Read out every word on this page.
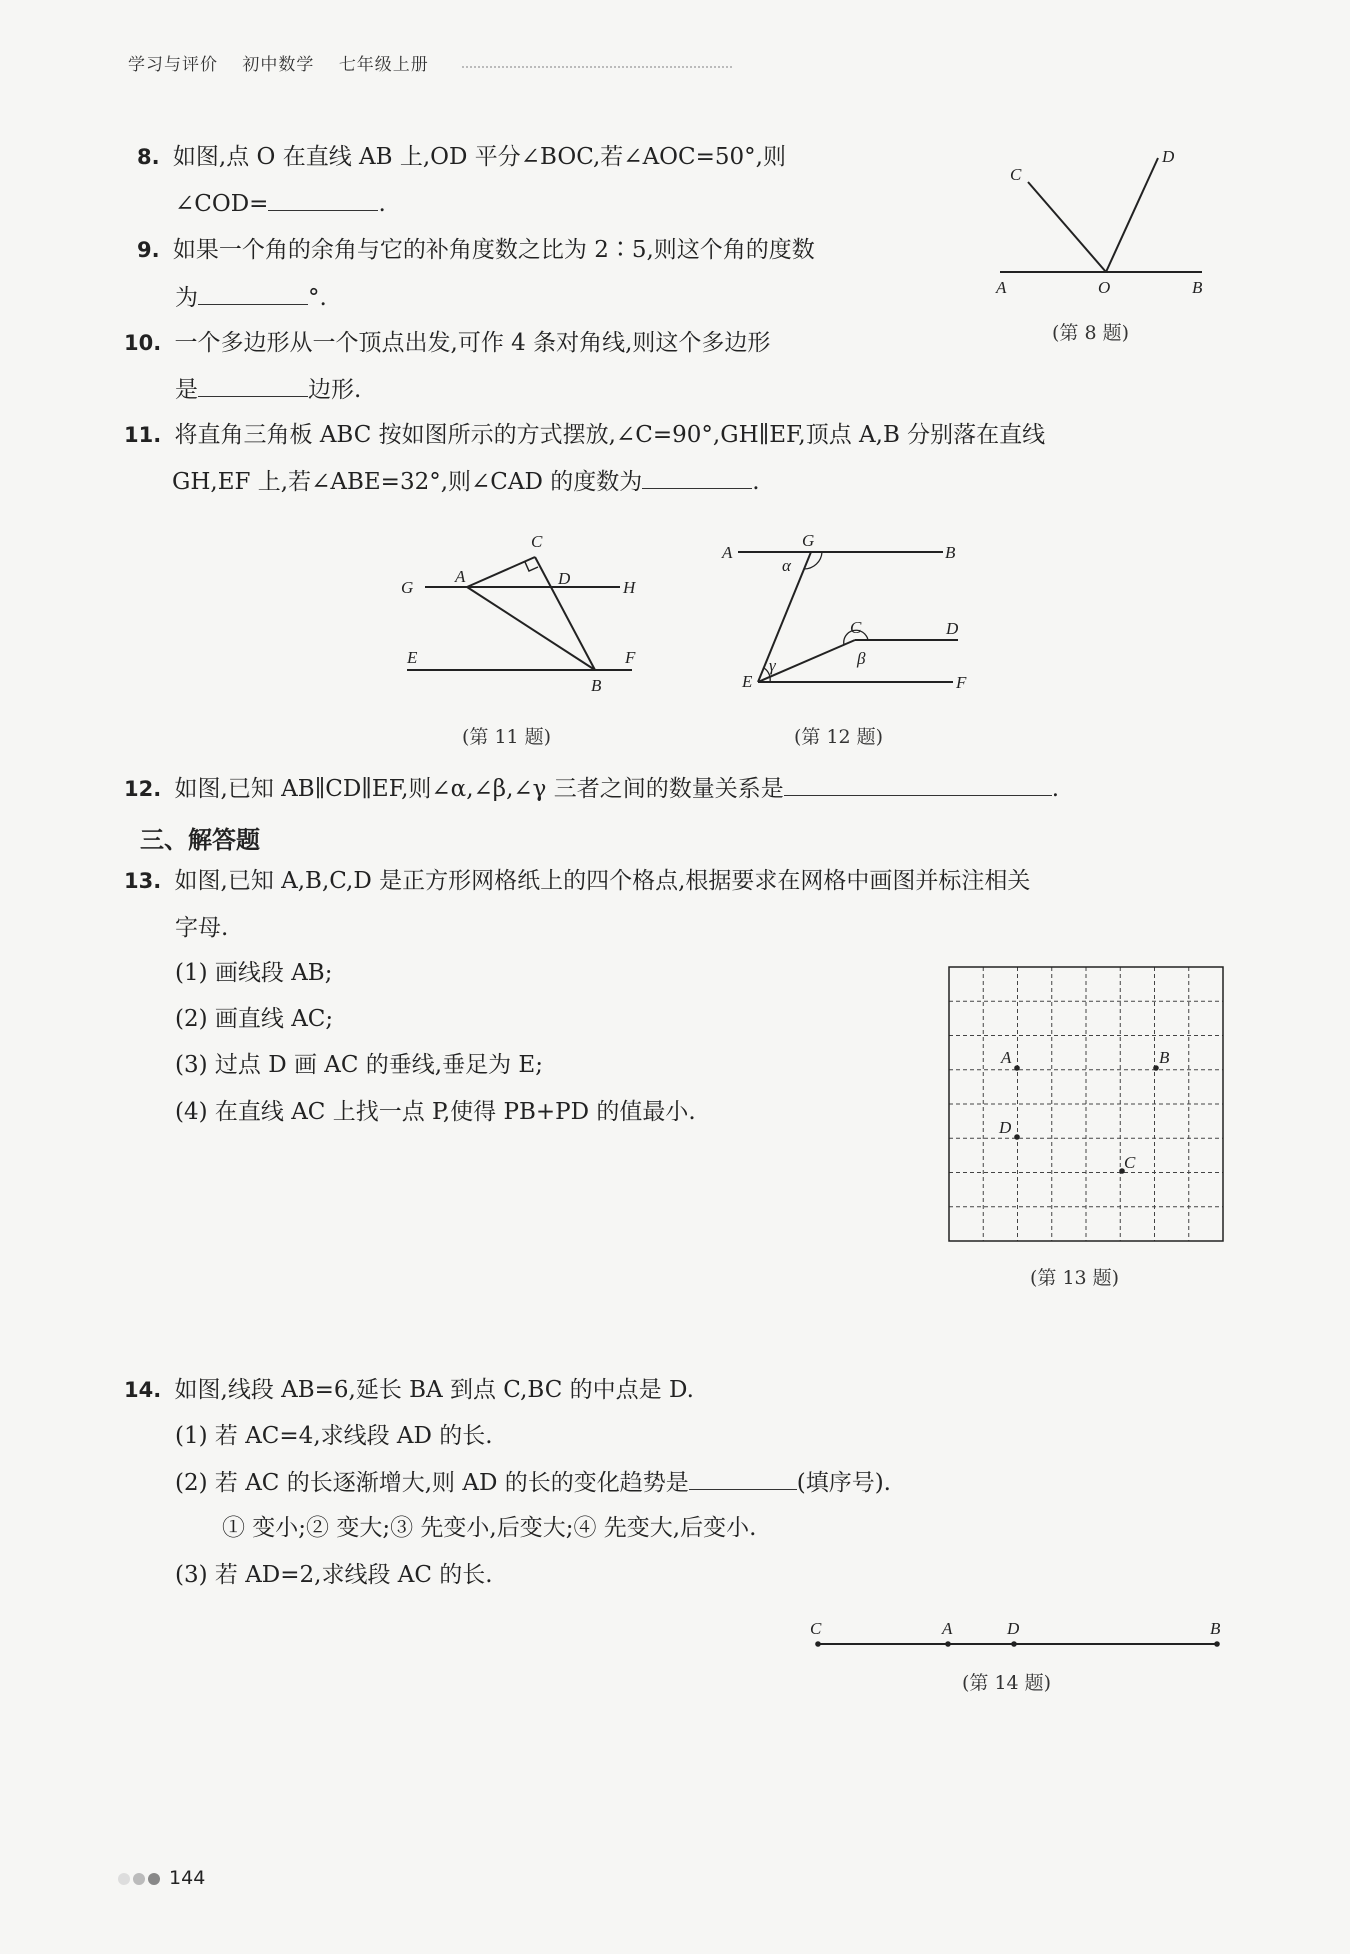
学习与评价 初中数学 七年级上册
8. 如图,点 O 在直线 AB 上,OD 平分∠BOC,若∠AOC=50°,则
∠COD=	.
9. 如果一个角的余角与它的补角度数之比为 2∶5,则这个角的度数
为	°.
10. 一个多边形从一个顶点出发,可作 4 条对角线,则这个多边形
是	边形.
C
D
A	O	B
(第 8 题)
11. 将直角三角板 ABC 按如图所示的方式摆放,∠C=90°,GH∥EF,顶点 A,B 分别落在直线
GH,EF 上,若∠ABE=32°,则∠CAD 的度数为	.
C
A	D
G	H
E	F
B
(第 11 题)
A
G
B
α
C	D
β
γ
E	F
(第 12 题)
12. 如图,已知 AB∥CD∥EF,则∠α,∠β,∠γ 三者之间的数量关系是	.
三、解答题
13. 如图,已知 A,B,C,D 是正方形网格纸上的四个格点,根据要求在网格中画图并标注相关
字母.
(1) 画线段 AB;
(2) 画直线 AC;
(3) 过点 D 画 AC 的垂线,垂足为 E;
(4) 在直线 AC 上找一点 P,使得 PB+PD 的值最小.
B
A
D
C
(第 13 题)
14. 如图,线段 AB=6,延长 BA 到点 C,BC 的中点是 D.
(1) 若 AC=4,求线段 AD 的长.
(2) 若 AC 的长逐渐增大,则 AD 的长的变化趋势是	(填序号).
① 变小;② 变大;③ 先变小,后变大;④ 先变大,后变小.
(3) 若 AD=2,求线段 AC 的长.
C	A	D	B
(第 14 题)
144
